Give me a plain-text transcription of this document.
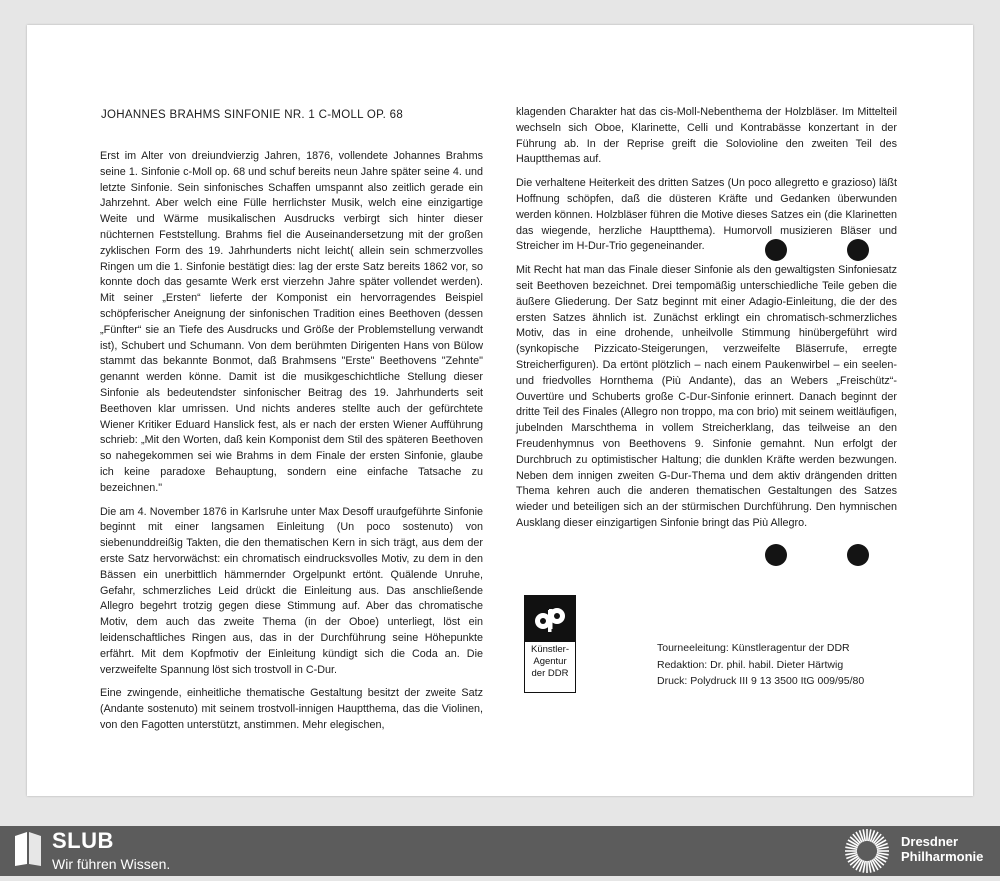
JOHANNES BRAHMS SINFONIE NR. 1 C-MOLL OP. 68

Erst im Alter von dreiundvierzig Jahren, 1876, vollendete Johannes Brahms seine 1. Sinfonie c-Moll op. 68 und schuf bereits neun Jahre später seine 4. und letzte Sinfonie. Sein sinfonisches Schaffen umspannt also zeitlich gerade ein Jahrzehnt. Aber welch eine Fülle herrlichster Musik, welch eine einzigartige Weite und Wärme musikalischen Ausdrucks verbirgt sich hinter dieser nüchternen Feststellung. Brahms fiel die Auseinandersetzung mit der großen zyklischen Form des 19. Jahrhunderts nicht leicht( allein sein schmerzvolles Ringen um die 1. Sinfonie bestätigt dies: lag der erste Satz bereits 1862 vor, so konnte doch das gesamte Werk erst vierzehn Jahre später vollendet werden). Mit seiner „Ersten“ lieferte der Komponist ein hervorragendes Beispiel schöpferischer Aneignung der sinfonischen Tradition eines Beethoven (dessen „Fünfter“ sie an Tiefe des Ausdrucks und Größe der Problemstellung verwandt ist), Schubert und Schumann. Von dem berühmten Dirigenten Hans von Bülow stammt das bekannte Bonmot, daß Brahmsens "Erste" Beethovens "Zehnte" genannt werden könne. Damit ist die musikgeschichtliche Stellung dieser Sinfonie als bedeutendster sinfonischer Beitrag des 19. Jahrhunderts seit Beethoven klar umrissen. Und nichts anderes stellte auch der gefürchtete Wiener Kritiker Eduard Hanslick fest, als er nach der ersten Wiener Aufführung schrieb: „Mit den Worten, daß kein Komponist dem Stil des späteren Beethoven so nahegekommen sei wie Brahms in dem Finale der ersten Sinfonie, glaube ich keine paradoxe Behauptung, sondern eine einfache Tatsache zu bezeichnen."

Die am 4. November 1876 in Karlsruhe unter Max Desoff uraufgeführte Sinfonie beginnt mit einer langsamen Einleitung (Un poco sostenuto) von siebenunddreißig Takten, die den thematischen Kern in sich trägt, aus dem der erste Satz hervorwächst: ein chromatisch eindrucksvolles Motiv, zu dem in den Bässen ein unerbittlich hämmernder Orgelpunkt ertönt. Quälende Unruhe, Gefahr, schmerzliches Leid drückt die Einleitung aus. Das anschließende Allegro begehrt trotzig gegen diese Stimmung auf. Aber das chromatische Motiv, dem auch das zweite Thema (in der Oboe) unterliegt, löst ein leidenschaftliches Ringen aus, das in der Durchführung seine Höhepunkte erfährt. Mit dem Kopfmotiv der Einleitung kündigt sich die Coda an. Die verzweifelte Spannung löst sich trostvoll in C-Dur.

Eine zwingende, einheitliche thematische Gestaltung besitzt der zweite Satz (Andante sostenuto) mit seinem trostvoll-innigen Hauptthema, das die Violinen, von den Fagotten unterstützt, anstimmen. Mehr elegischen,

klagenden Charakter hat das cis-Moll-Nebenthema der Holzbläser. Im Mittelteil wechseln sich Oboe, Klarinette, Celli und Kontrabässe konzertant in der Führung ab. In der Reprise greift die Solovioline den zweiten Teil des Hauptthemas auf.

Die verhaltene Heiterkeit des dritten Satzes (Un poco allegretto e grazioso) läßt Hoffnung schöpfen, daß die düsteren Kräfte und Gedanken überwunden werden können. Holzbläser führen die Motive dieses Satzes ein (die Klarinetten das wiegende, herzliche Hauptthema). Humorvoll musizieren Bläser und Streicher im H-Dur-Trio gegeneinander.

Mit Recht hat man das Finale dieser Sinfonie als den gewaltigsten Sinfoniesatz seit Beethoven bezeichnet. Drei tempomäßig unterschiedliche Teile geben die äußere Gliederung. Der Satz beginnt mit einer Adagio-Einleitung, die der des ersten Satzes ähnlich ist. Zunächst erklingt ein chromatisch-schmerzliches Motiv, das in eine drohende, unheilvolle Stimmung hinübergeführt wird (synkopische Pizzicato-Steigerungen, verzweifelte Bläserrufe, erregte Streicherfiguren). Da ertönt plötzlich – nach einem Paukenwirbel – ein seelen- und friedvolles Hornthema (Più Andante), das an Webers „Freischütz“-Ouvertüre und Schuberts große C-Dur-Sinfonie erinnert. Danach beginnt der dritte Teil des Finales (Allegro non troppo, ma con brio) mit seinem weitläufigen, jubelnden Marschthema in vollem Streicherklang, das teilweise an den Freudenhymnus von Beethovens 9. Sinfonie gemahnt. Nun erfolgt der Durchbruch zu optimistischer Haltung; die dunklen Kräfte werden bezwungen. Neben dem innigen zweiten G-Dur-Thema und dem aktiv drängenden dritten Thema kehren auch die anderen thematischen Gestaltungen des Satzes wieder und beteiligen sich an der stürmischen Durchführung. Den hymnischen Ausklang dieser einzigartigen Sinfonie bringt das Più Allegro.

Künstler-
Agentur
der DDR
Tourneeleitung: Künstleragentur der DDR
Redaktion: Dr. phil. habil. Dieter Härtwig
Druck: Polydruck III 9 13 3500 ItG 009/95/80
SLUB
Wir führen Wissen.
Dresdner
Philharmonie
